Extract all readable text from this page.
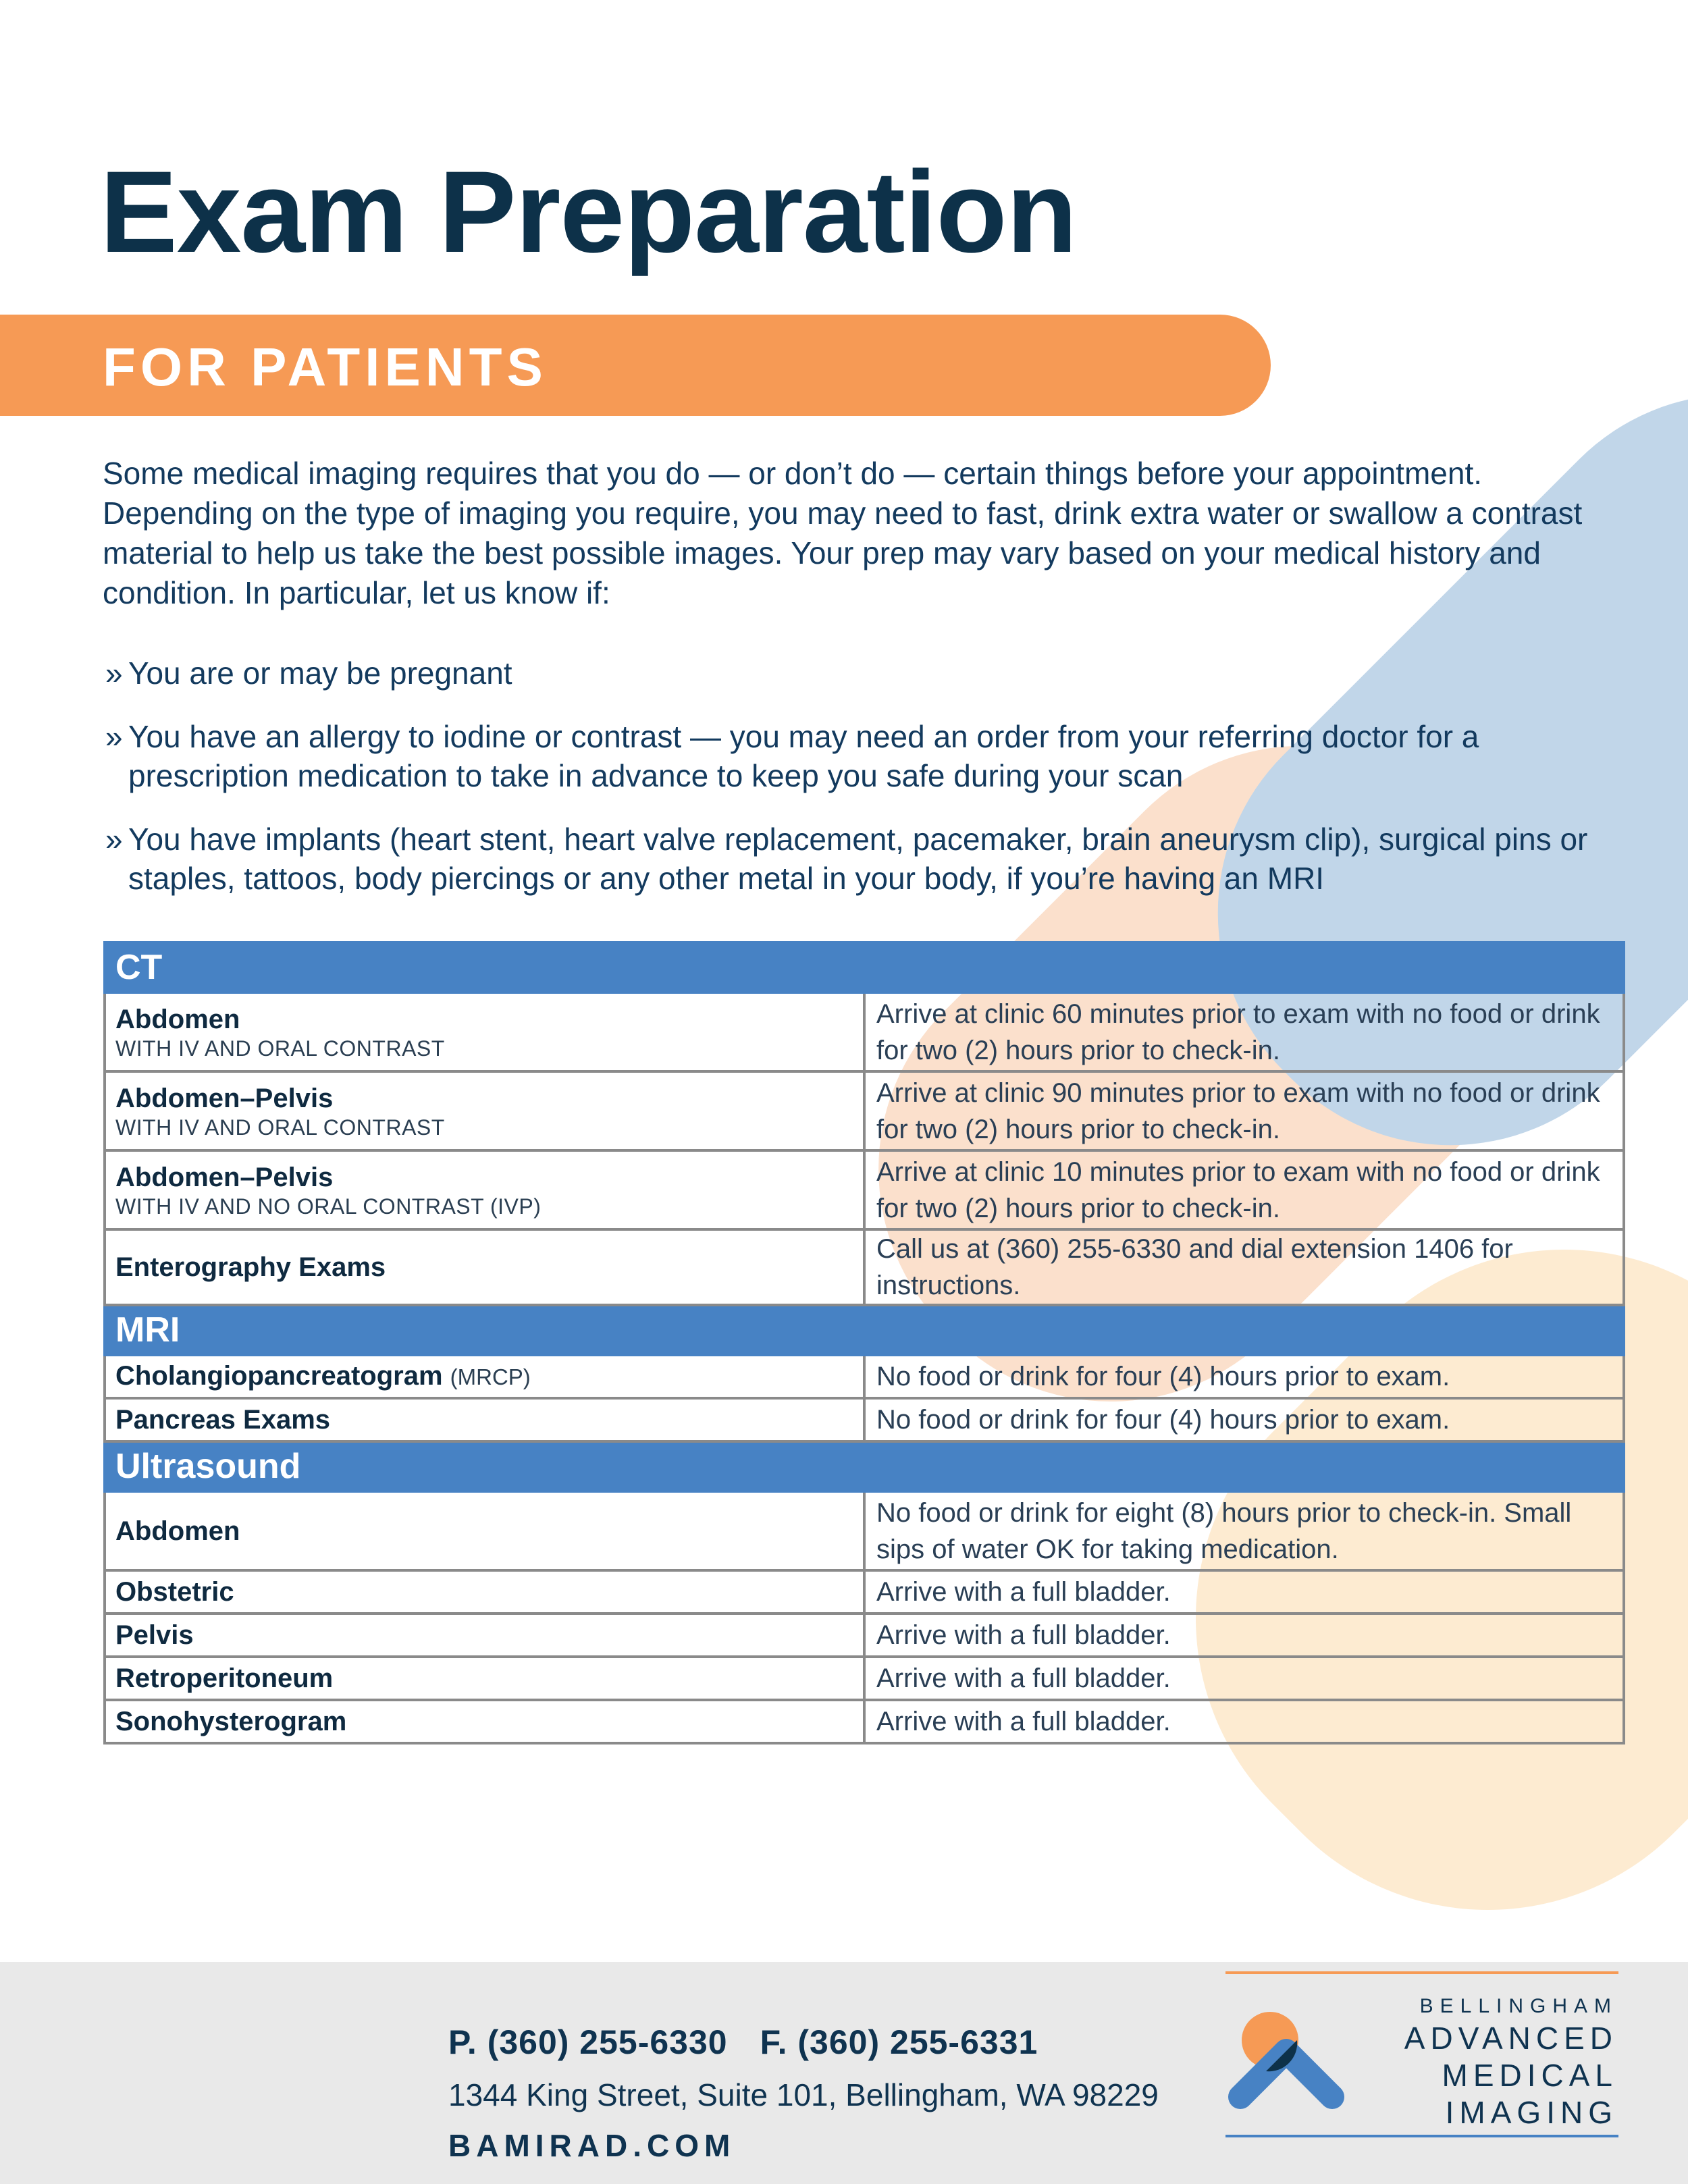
Exam Preparation
FOR PATIENTS

Some medical imaging requires that you do — or don’t do — certain things before your appointment. Depending on the type of imaging you require, you may need to fast, drink extra water or swallow a contrast material to help us take the best possible images. Your prep may vary based on your medical history and condition. In particular, let us know if:

» You are or may be pregnant
» You have an allergy to iodine or contrast — you may need an order from your referring doctor for a prescription medication to take in advance to keep you safe during your scan
» You have implants (heart stent, heart valve replacement, pacemaker, brain aneurysm clip), surgical pins or staples, tattoos, body piercings or any other metal in your body, if you’re having an MRI
CT	

Abdomen
WITH IV AND ORAL CONTRAST	Arrive at clinic 60 minutes prior to exam with no food or drink for two (2) hours prior to check-in.

Abdomen–Pelvis
WITH IV AND ORAL CONTRAST	Arrive at clinic 90 minutes prior to exam with no food or drink for two (2) hours prior to check-in.

Abdomen–Pelvis
WITH IV AND NO ORAL CONTRAST (IVP)	Arrive at clinic 10 minutes prior to exam with no food or drink for two (2) hours prior to check-in.

Enterography Exams	Call us at (360) 255-6330 and dial extension 1406 for instructions.
MRI	

Cholangiopancreatogram (MRCP)	No food or drink for four (4) hours prior to exam.

Pancreas Exams	No food or drink for four (4) hours prior to exam.
Ultrasound	

Abdomen	No food or drink for eight (8) hours prior to check-in. Small sips of water OK for taking medication.

Obstetric	Arrive with a full bladder.

Pelvis	Arrive with a full bladder.

Retroperitoneum	Arrive with a full bladder.

Sonohysterogram	Arrive with a full bladder.
P. (360) 255-6330 F. (360) 255-6331
1344 King Street, Suite 101, Bellingham, WA 98229
BAMIRAD.COM
BELLINGHAM
ADVANCED
MEDICAL
IMAGING
